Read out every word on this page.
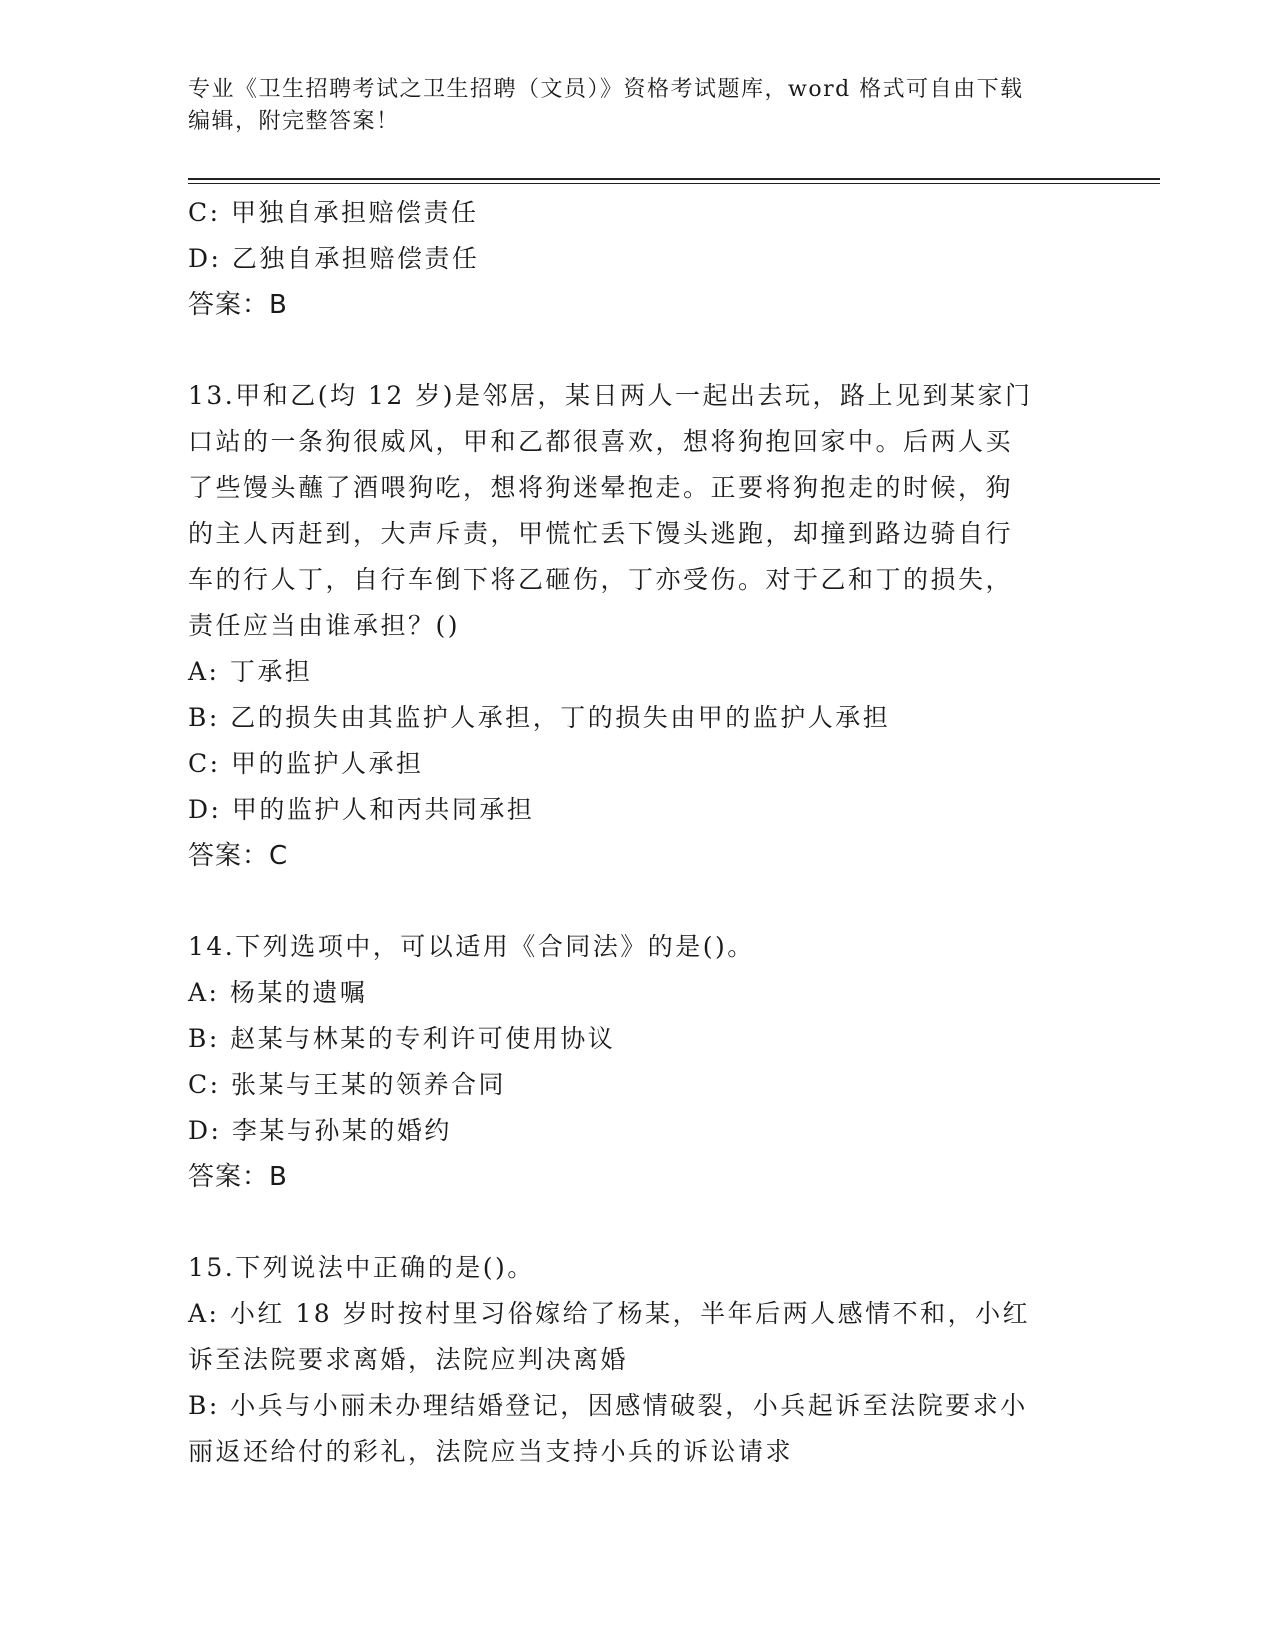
专业《卫生招聘考试之卫生招聘（文员）》资格考试题库，word 格式可自由下载
编辑，附完整答案！
C: 甲独自承担赔偿责任
D: 乙独自承担赔偿责任
答案：B
13.甲和乙(均 12 岁)是邻居，某日两人一起出去玩，路上见到某家门
口站的一条狗很威风，甲和乙都很喜欢，想将狗抱回家中。后两人买
了些馒头蘸了酒喂狗吃，想将狗迷晕抱走。正要将狗抱走的时候，狗
的主人丙赶到，大声斥责，甲慌忙丢下馒头逃跑，却撞到路边骑自行
车的行人丁，自行车倒下将乙砸伤，丁亦受伤。对于乙和丁的损失，
责任应当由谁承担？()
A: 丁承担
B: 乙的损失由其监护人承担，丁的损失由甲的监护人承担
C: 甲的监护人承担
D: 甲的监护人和丙共同承担
答案：C
14.下列选项中，可以适用《合同法》的是()。
A: 杨某的遗嘱
B: 赵某与林某的专利许可使用协议
C: 张某与王某的领养合同
D: 李某与孙某的婚约
答案：B
15.下列说法中正确的是()。
A: 小红 18 岁时按村里习俗嫁给了杨某，半年后两人感情不和，小红
诉至法院要求离婚，法院应判决离婚
B: 小兵与小丽未办理结婚登记，因感情破裂，小兵起诉至法院要求小
丽返还给付的彩礼，法院应当支持小兵的诉讼请求
